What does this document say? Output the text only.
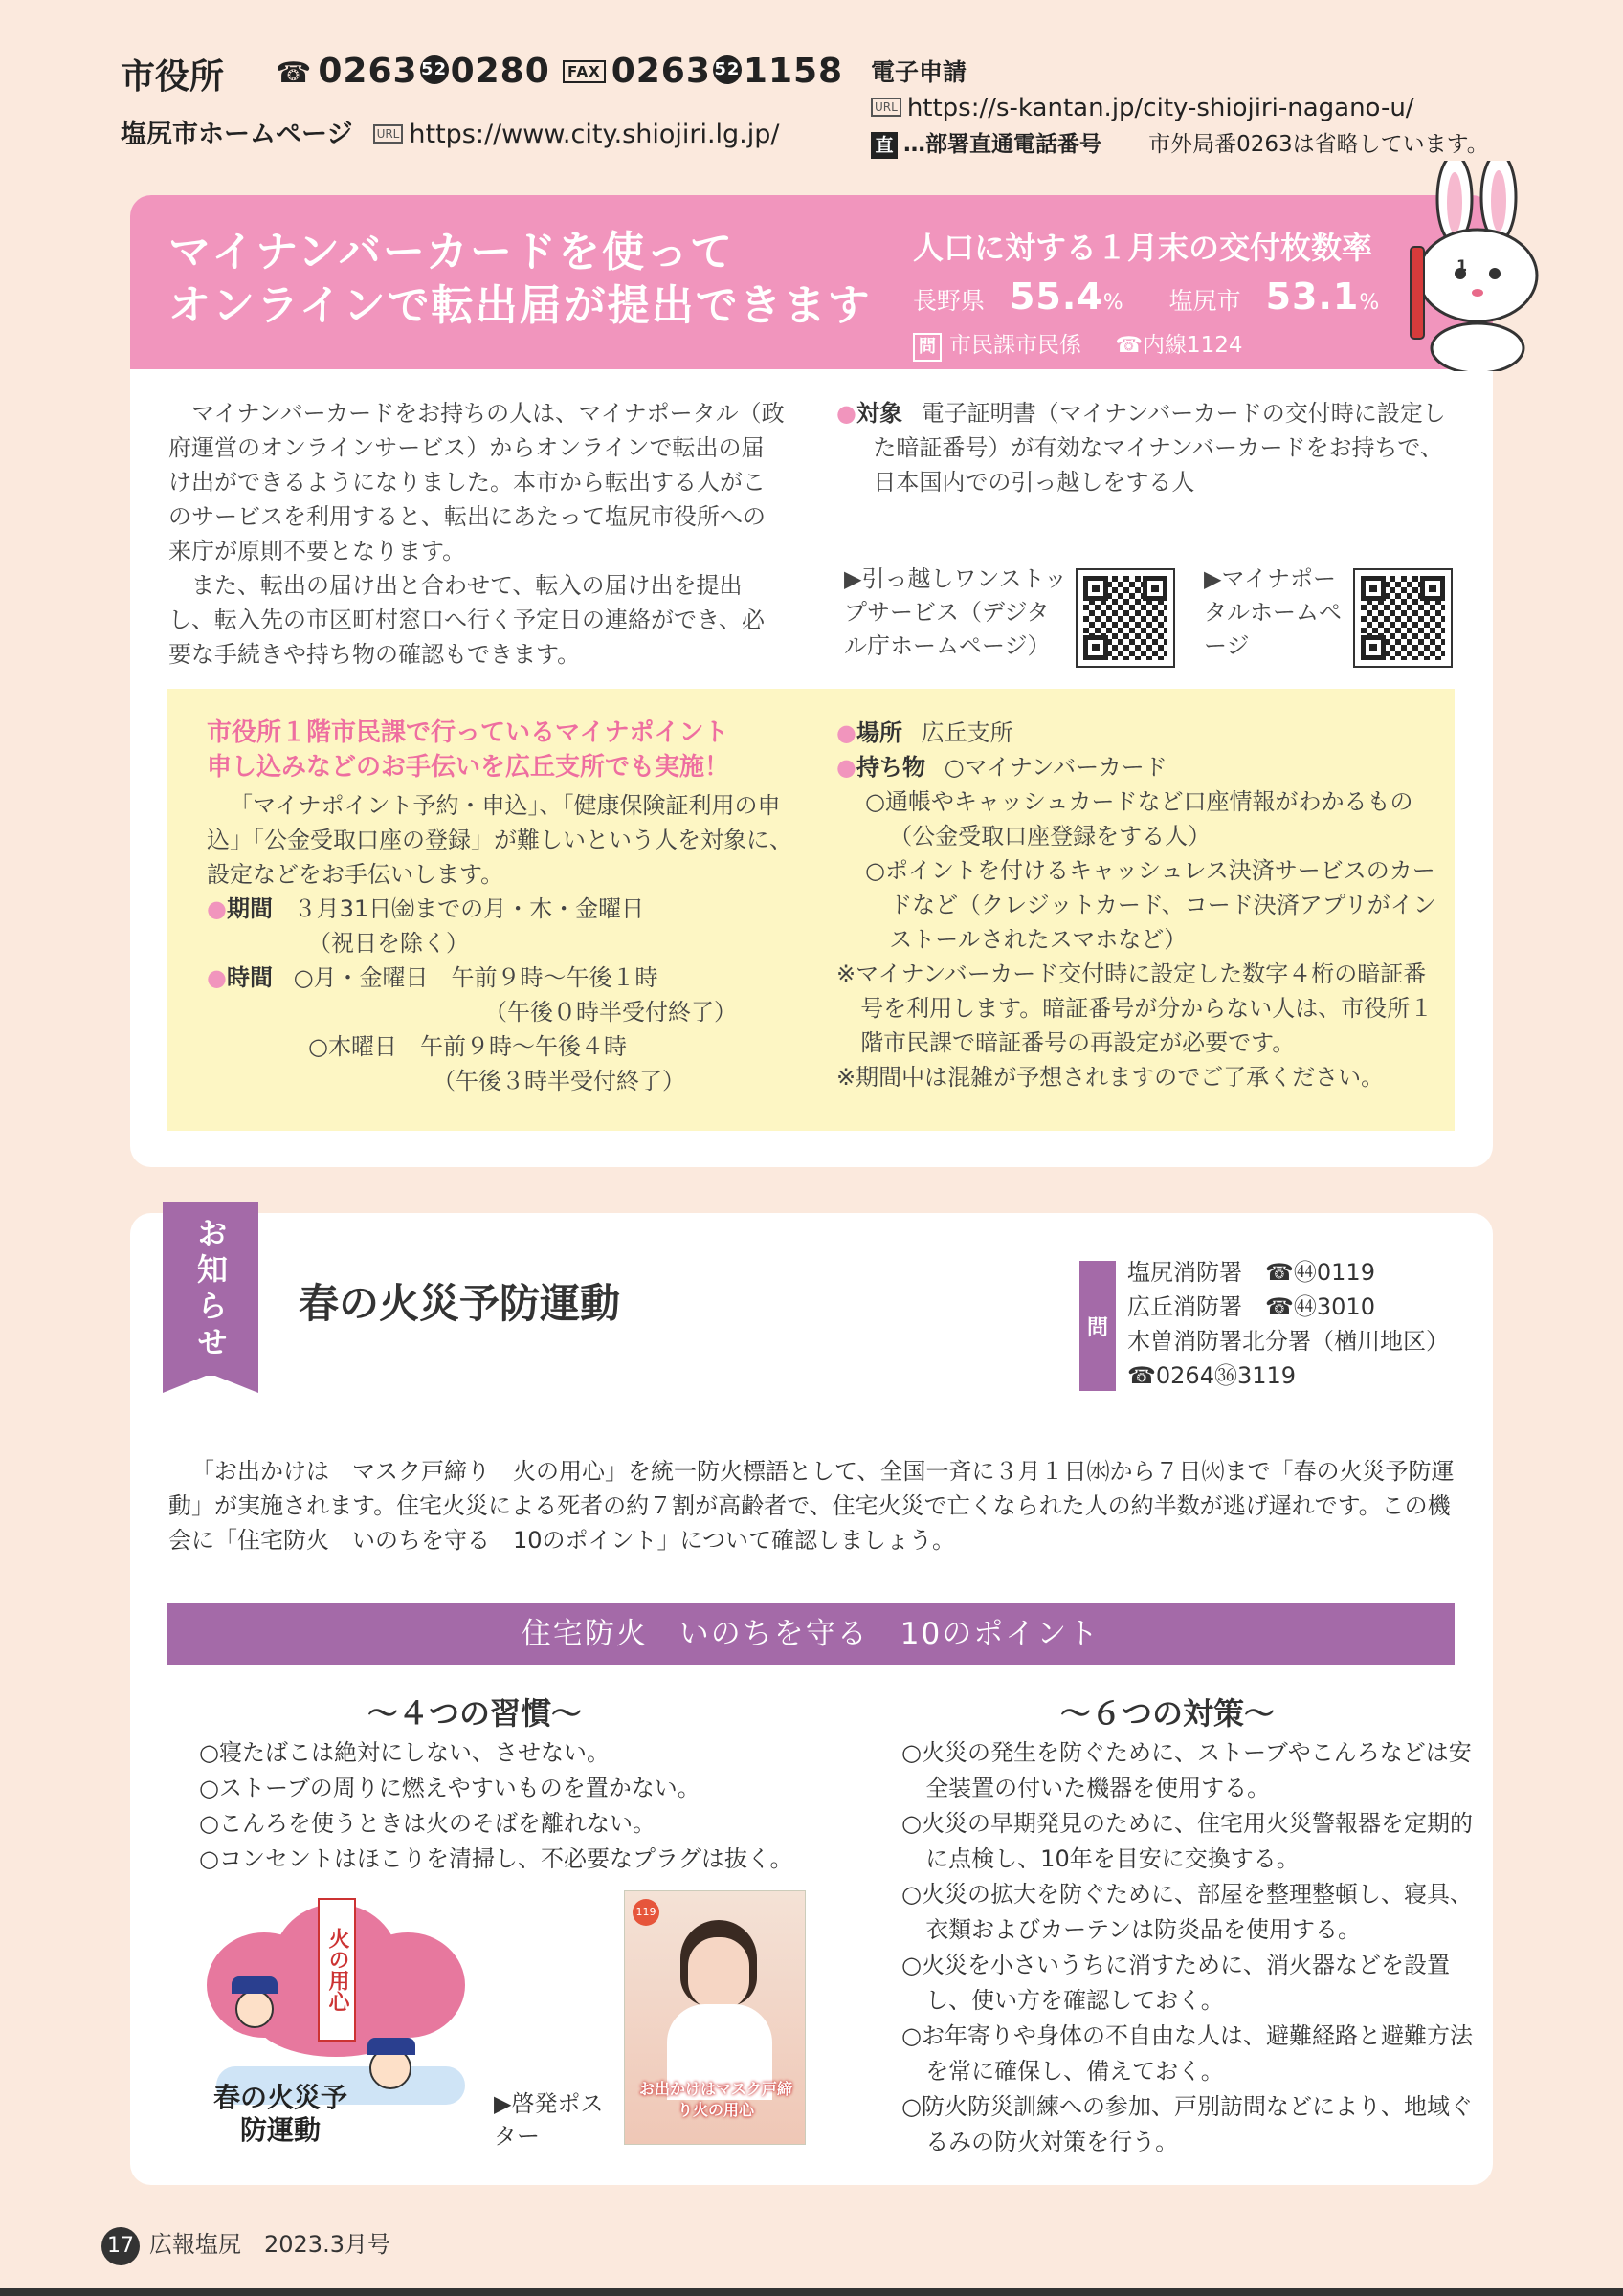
市役所 ☎ 0263 520280	FAX 0263 521158
塩尻市ホームページ URL https://www.city.shiojiri.lg.jp/
電子申請
URL https://s-kantan.jp/city-shiojiri-nagano-u/
直 …部署直通電話番号 市外局番0263は省略しています。
マイナンバーカードを使って
オンラインで転出届が提出できます
人口に対する１月末の交付枚数率
長野県 55.4% 塩尻市 53.1%
問 市民課市民係 ☎内線1124
1

マイナンバーカードをお持ちの人は、マイナポータル（政府運営のオンラインサービス）からオンラインで転出の届け出ができるようになりました。本市から転出する人がこのサービスを利用すると、転出にあたって塩尻市役所への来庁が原則不要となります。

また、転出の届け出と合わせて、転入の届け出を提出し、転入先の市区町村窓口へ行く予定日の連絡ができ、必要な手続きや持ち物の確認もできます。

●対象 電子証明書（マイナンバーカードの交付時に設定した暗証番号）が有効なマイナンバーカードをお持ちで、日本国内での引っ越しをする人
▶引っ越しワンストップサービス（デジタル庁ホームページ）
▶マイナポータルホームページ
市役所１階市民課で行っているマイナポイント
申し込みなどのお手伝いを広丘支所でも実施！

「マイナポイント予約・申込」、「健康保険証利用の申込」「公金受取口座の登録」が難しいという人を対象に、設定などをお手伝いします。

●期間 ３月31日㈮までの月・木・金曜日
（祝日を除く）
●時間 ○月・金曜日　午前９時〜午後１時
（午後０時半受付終了）
○木曜日　午前９時〜午後４時
（午後３時半受付終了）
●場所 広丘支所
●持ち物 ○マイナンバーカード
○通帳やキャッシュカードなど口座情報がわかるもの（公金受取口座登録をする人）
○ポイントを付けるキャッシュレス決済サービスのカードなど（クレジットカード、コード決済アプリがインストールされたスマホなど）
※マイナンバーカード交付時に設定した数字４桁の暗証番号を利用します。暗証番号が分からない人は、市役所１階市民課で暗証番号の再設定が必要です。
※期間中は混雑が予想されますのでご了承ください。
お知らせ 春の火災予防運動
問
塩尻消防署　☎㊹0119
広丘消防署　☎㊹3010
木曽消防署北分署（楢川地区）
☎0264㊱3119

「お出かけは　マスク戸締り　火の用心」を統一防火標語として、全国一斉に３月１日㈬から７日㈫まで「春の火災予防運動」が実施されます。住宅火災による死者の約７割が高齢者で、住宅火災で亡くなられた人の約半数が逃げ遅れです。この機会に「住宅防火　いのちを守る　10のポイント」について確認しましょう。

住宅防火　いのちを守る　10のポイント
〜４つの習慣〜
○寝たばこは絶対にしない、させない。
○ストーブの周りに燃えやすいものを置かない。
○こんろを使うときは火のそばを離れない。
○コンセントはほこりを清掃し、不必要なプラグは抜く。
〜６つの対策〜
○火災の発生を防ぐために、ストーブやこんろなどは安全装置の付いた機器を使用する。
○火災の早期発見のために、住宅用火災警報器を定期的に点検し、10年を目安に交換する。
○火災の拡大を防ぐために、部屋を整理整頓し、寝具、衣類およびカーテンは防炎品を使用する。
○火災を小さいうちに消すために、消火器などを設置し、使い方を確認しておく。
○お年寄りや身体の不自由な人は、避難経路と避難方法を常に確保し、備えておく。
○防火防災訓練への参加、戸別訪問などにより、地域ぐるみの防火対策を行う。
火の用心
春の火災予防運動
▶啓発ポスター
119
お出かけはマスク戸締り火の用心
17 広報塩尻　2023.3月号
